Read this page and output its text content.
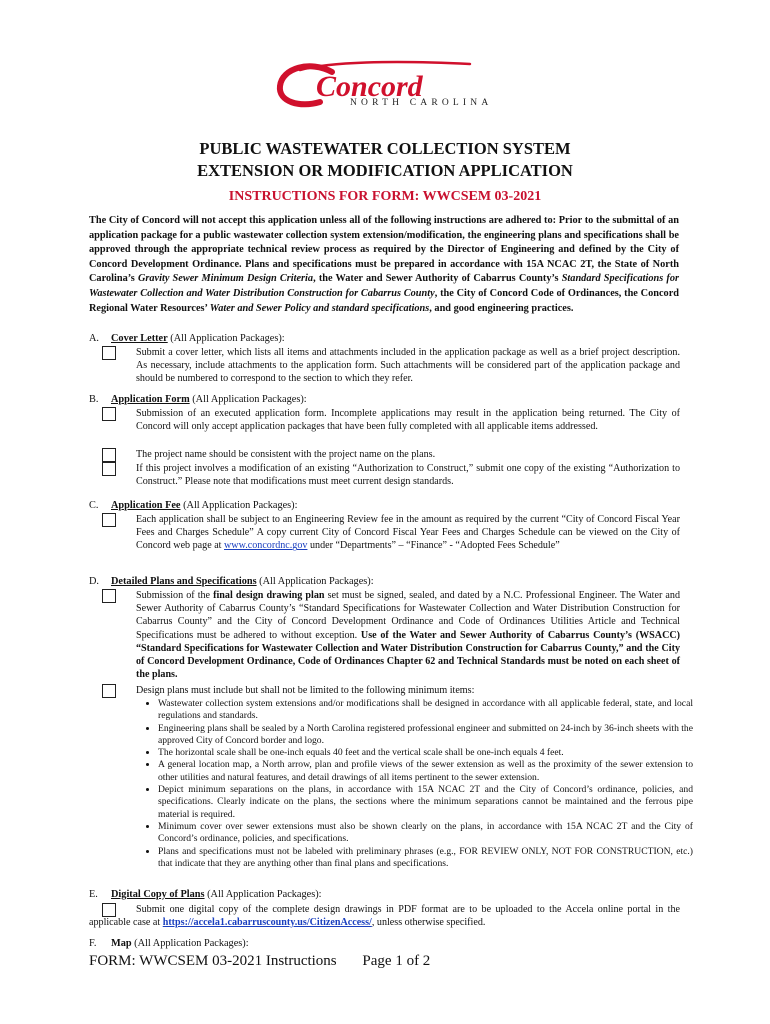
Concord
NORTH CAROLINA
PUBLIC WASTEWATER COLLECTION SYSTEM
EXTENSION OR MODIFICATION APPLICATION
INSTRUCTIONS FOR FORM: WWCSEM 03-2021
The City of Concord will not accept this application unless all of the following instructions are adhered to: Prior to the submittal of an application package for a public wastewater collection system extension/modification, the engineering plans and specifications shall be approved through the appropriate technical review process as required by the Director of Engineering and defined by the City of Concord Development Ordinance. Plans and specifications must be prepared in accordance with 15A NCAC 2T, the State of North Carolina’s Gravity Sewer Minimum Design Criteria, the Water and Sewer Authority of Cabarrus County’s Standard Specifications for Wastewater Collection and Water Distribution Construction for Cabarrus County, the City of Concord Code of Ordinances, the Concord Regional Water Resources’ Water and Sewer Policy and standard specifications, and good engineering practices.
A. Cover Letter (All Application Packages):
Submit a cover letter, which lists all items and attachments included in the application package as well as a brief project description. As necessary, include attachments to the application form. Such attachments will be considered part of the application package and should be numbered to correspond to the section to which they refer.
B. Application Form (All Application Packages):
Submission of an executed application form. Incomplete applications may result in the application being returned. The City of Concord will only accept application packages that have been fully completed with all applicable items addressed.
The project name should be consistent with the project name on the plans.
If this project involves a modification of an existing “Authorization to Construct,” submit one copy of the existing “Authorization to Construct.” Please note that modifications must meet current design standards.
C. Application Fee (All Application Packages):
Each application shall be subject to an Engineering Review fee in the amount as required by the current “City of Concord Fiscal Year Fees and Charges Schedule” A copy current City of Concord Fiscal Year Fees and Charges Schedule can be viewed on the City of Concord web page at www.concordnc.gov under “Departments” – “Finance” - “Adopted Fees Schedule”
D. Detailed Plans and Specifications (All Application Packages):
Submission of the final design drawing plan set must be signed, sealed, and dated by a N.C. Professional Engineer. The Water and Sewer Authority of Cabarrus County’s “Standard Specifications for Wastewater Collection and Water Distribution Construction for Cabarrus County” and the City of Concord Development Ordinance and Code of Ordinances Utilities Article and Technical Specifications must be adhered to without exception. Use of the Water and Sewer Authority of Cabarrus County’s (WSACC) “Standard Specifications for Wastewater Collection and Water Distribution Construction for Cabarrus County,” and the City of Concord Development Ordinance, Code of Ordinances Chapter 62 and Technical Standards must be noted on each sheet of the plans.
Design plans must include but shall not be limited to the following minimum items:
• Wastewater collection system extensions and/or modifications shall be designed in accordance with all applicable federal, state, and local regulations and standards.
• Engineering plans shall be sealed by a North Carolina registered professional engineer and submitted on 24-inch by 36-inch sheets with the approved City of Concord border and logo.
• The horizontal scale shall be one-inch equals 40 feet and the vertical scale shall be one-inch equals 4 feet.
• A general location map, a North arrow, plan and profile views of the sewer extension as well as the proximity of the sewer extension to other utilities and natural features, and detail drawings of all items pertinent to the sewer extension.
• Depict minimum separations on the plans, in accordance with 15A NCAC 2T and the City of Concord’s ordinance, policies, and specifications. Clearly indicate on the plans, the sections where the minimum separations cannot be maintained and the ferrous pipe material is required.
• Minimum cover over sewer extensions must also be shown clearly on the plans, in accordance with 15A NCAC 2T and the City of Concord’s ordinance, policies, and specifications.
• Plans and specifications must not be labeled with preliminary phrases (e.g., FOR REVIEW ONLY, NOT FOR CONSTRUCTION, etc.) that indicate that they are anything other than final plans and specifications.
E. Digital Copy of Plans (All Application Packages):
Submit one digital copy of the complete design drawings in PDF format are to be uploaded to the Accela online portal in the applicable case at https://accela1.cabarruscounty.us/CitizenAccess/, unless otherwise specified.
F. Map (All Application Packages):
FORM: WWCSEM 03-2021 Instructions Page 1 of 2
